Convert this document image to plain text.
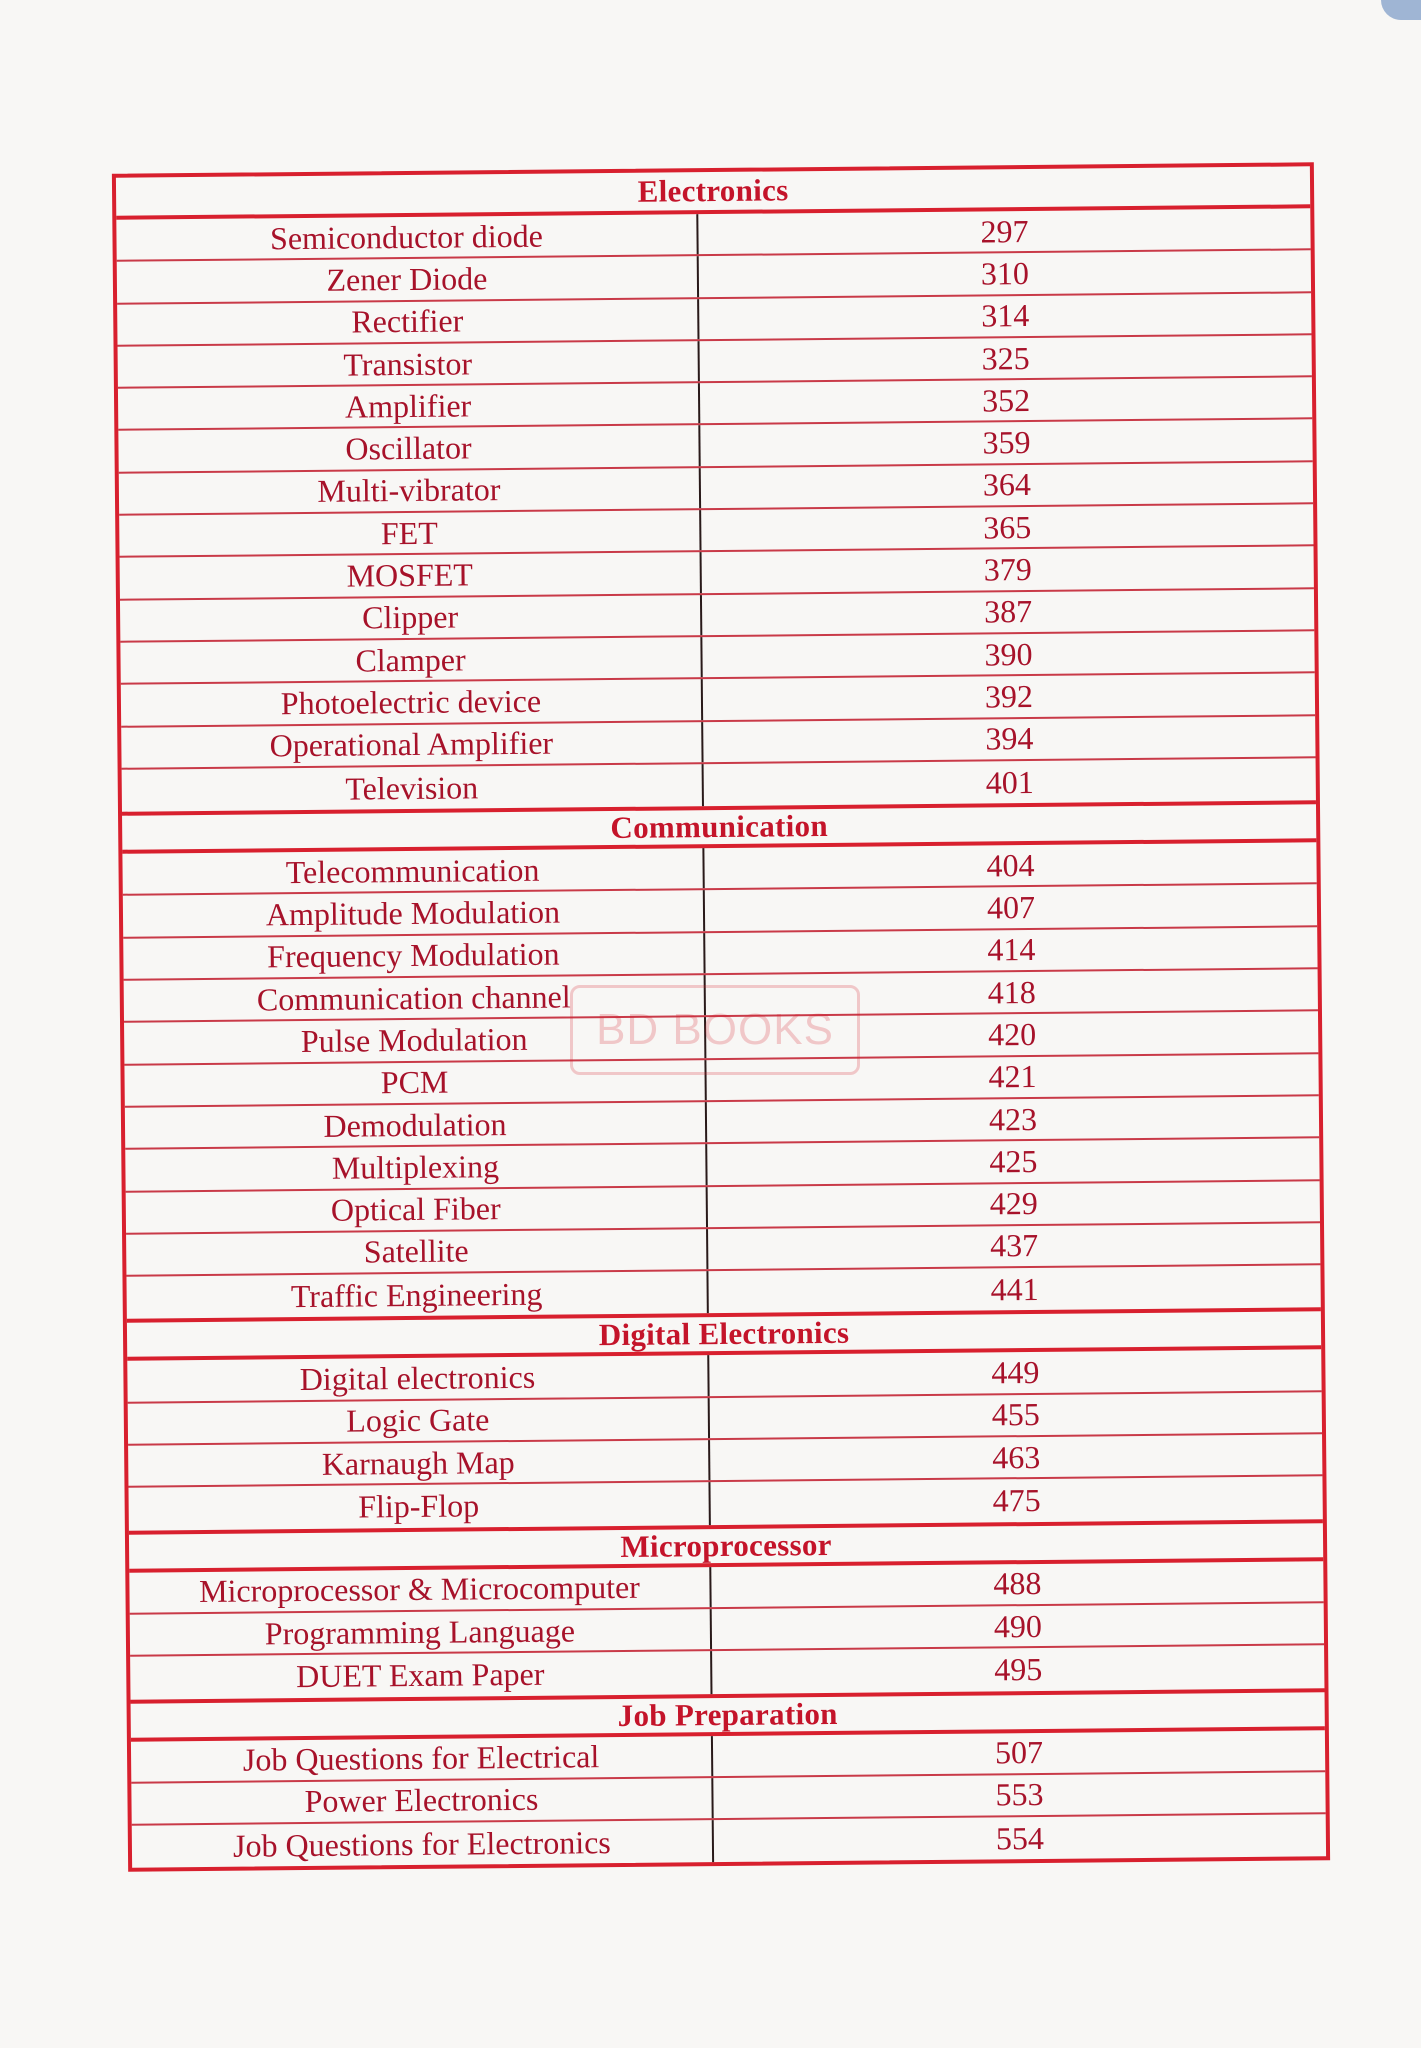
Electronics
Semiconductor diode	297
Zener Diode	310
Rectifier	314
Transistor	325
Amplifier	352
Oscillator	359
Multi-vibrator	364
FET	365
MOSFET	379
Clipper	387
Clamper	390
Photoelectric device	392
Operational Amplifier	394
Television	401
Communication
Telecommunication	404
Amplitude Modulation	407
Frequency Modulation	414
Communication channel	418
Pulse Modulation	420
PCM	421
Demodulation	423
Multiplexing	425
Optical Fiber	429
Satellite	437
Traffic Engineering	441
Digital Electronics
Digital electronics	449
Logic Gate	455
Karnaugh Map	463
Flip-Flop	475
Microprocessor
Microprocessor & Microcomputer	488
Programming Language	490
DUET Exam Paper	495
Job Preparation
Job Questions for Electrical	507
Power Electronics	553
Job Questions for Electronics	554
BD BOOKS
